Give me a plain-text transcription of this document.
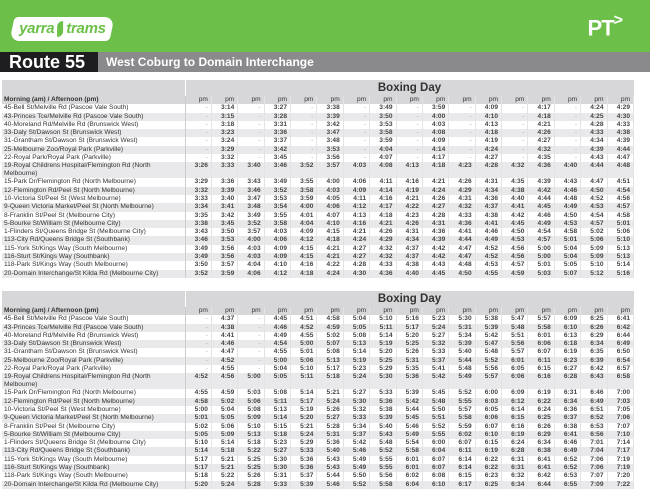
yarra trams	PT>
Route 55	West Coburg to Domain Interchange
	Boxing Day																
Morning (am) / Afternoon (pm)	pm	pm	pm	pm	pm	pm	pm	pm	pm	pm	pm	pm	pm	pm	pm	pm	pm
45-Bell St/Melville Rd (Pascoe Vale South)	-	3:14	-	3:27	-	3:38	-	3:49	-	3:59	-	4:09	-	4:17	-	4:24	4:29
43-Princes Tce/Melville Rd (Pascoe Vale South)	-	3:15	-	3:28	-	3:39	-	3:50	-	4:00	-	4:10	-	4:18	-	4:25	4:30
40-Moreland Rd/Melville Rd (Brunswick West)	-	3:18	-	3:31	-	3:42	-	3:53	-	4:03	-	4:13	-	4:21	-	4:28	4:33
33-Daly St/Dawson St (Brunswick West)	-	3:23	-	3:36	-	3:47	-	3:58	-	4:08	-	4:18	-	4:26	-	4:33	4:38
31-Grantham St/Dawson St (Brunswick West)	-	3:24	-	3:37	-	3:48	-	3:59	-	4:09	-	4:19	-	4:27	-	4:34	4:39
25-Melbourne Zoo/Royal Park (Parkville)	-	3:29	-	3:42	-	3:53	-	4:04	-	4:14	-	4:24	-	4:32	-	4:39	4:44
22-Royal Park/Royal Park (Parkville)	-	3:32	-	3:45	-	3:56	-	4:07	-	4:17	-	4:27	-	4:35	-	4:43	4:47
19-Royal Childrens Hospital/Flemington Rd (North Melbourne)	3:26	3:33	3:40	3:46	3:52	3:57	4:03	4:08	4:13	4:18	4:23	4:28	4:32	4:36	4:40	4:44	4:48
15-Park Dr/Flemington Rd (North Melbourne)	3:29	3:36	3:43	3:49	3:55	4:00	4:06	4:11	4:16	4:21	4:26	4:31	4:35	4:39	4:43	4:47	4:51
12-Flemington Rd/Peel St (North Melbourne)	3:32	3:39	3:46	3:52	3:58	4:03	4:09	4:14	4:19	4:24	4:29	4:34	4:38	4:42	4:46	4:50	4:54
10-Victoria St/Peel St (West Melbourne)	3:33	3:40	3:47	3:53	3:59	4:05	4:11	4:16	4:21	4:26	4:31	4:36	4:40	4:44	4:48	4:52	4:56
9-Queen Victoria Market/Peel St (North Melbourne)	3:34	3:41	3:48	3:54	4:00	4:06	4:12	4:17	4:22	4:27	4:32	4:37	4:41	4:45	4:49	4:53	4:57
8-Franklin St/Peel St (Melbourne City)	3:35	3:42	3:49	3:55	4:01	4:07	4:13	4:18	4:23	4:28	4:33	4:38	4:42	4:46	4:50	4:54	4:58
5-Bourke St/William St (Melbourne City)	3:38	3:45	3:52	3:58	4:04	4:10	4:16	4:21	4:26	4:31	4:36	4:41	4:45	4:49	4:53	4:57	5:01
1-Flinders St/Queens Bridge St (Melbourne City)	3:43	3:50	3:57	4:03	4:09	4:15	4:21	4:26	4:31	4:36	4:41	4:46	4:50	4:54	4:58	5:02	5:06
113-City Rd/Queens Bridge St (Southbank)	3:46	3:53	4:00	4:06	4:12	4:18	4:24	4:29	4:34	4:39	4:44	4:49	4:53	4:57	5:01	5:06	5:10
115-York St/Kings Way (South Melbourne)	3:49	3:56	4:03	4:09	4:15	4:21	4:27	4:32	4:37	4:42	4:47	4:52	4:56	5:00	5:04	5:09	5:13
116-Sturt St/Kings Way (Southbank)	3:49	3:56	4:03	4:09	4:15	4:21	4:27	4:32	4:37	4:42	4:47	4:52	4:56	5:00	5:04	5:09	5:13
118-Park St/Kings Way (South Melbourne)	3:50	3:57	4:04	4:10	4:16	4:22	4:28	4:33	4:38	4:43	4:48	4:53	4:57	5:01	5:05	5:10	5:14
20-Domain Interchange/St Kilda Rd (Melbourne City)	3:52	3:59	4:06	4:12	4:18	4:24	4:30	4:36	4:40	4:45	4:50	4:55	4:59	5:03	5:07	5:12	5:16
	Boxing Day																
Morning (am) / Afternoon (pm)	pm	pm	pm	pm	pm	pm	pm	pm	pm	pm	pm	pm	pm	pm	pm	pm	pm
45-Bell St/Melville Rd (Pascoe Vale South)	-	4:37	-	4:45	4:51	4:58	5:04	5:10	5:16	5:23	5:30	5:38	5:47	5:57	6:09	6:25	6:41
43-Princes Tce/Melville Rd (Pascoe Vale South)	-	4:38	-	4:46	4:52	4:59	5:05	5:11	5:17	5:24	5:31	5:39	5:48	5:58	6:10	6:26	6:42
40-Moreland Rd/Melville Rd (Brunswick West)	-	4:41	-	4:49	4:55	5:02	5:08	5:14	5:20	5:27	5:34	5:42	5:51	6:01	6:13	6:29	6:44
33-Daly St/Dawson St (Brunswick West)	-	4:46	-	4:54	5:00	5:07	5:13	5:19	5:25	5:32	5:39	5:47	5:56	6:06	6:18	6:34	6:49
31-Grantham St/Dawson St (Brunswick West)	-	4:47	-	4:55	5:01	5:08	5:14	5:20	5:26	5:33	5:40	5:48	5:57	6:07	6:19	6:35	6:50
25-Melbourne Zoo/Royal Park (Parkville)	-	4:52	-	5:00	5:06	5:13	5:19	5:25	5:31	5:37	5:44	5:52	6:01	6:11	6:23	6:39	6:54
22-Royal Park/Royal Park (Parkville)	-	4:55	-	5:04	5:10	5:17	5:23	5:29	5:35	5:41	5:48	5:56	6:05	6:15	6:27	6:42	6:57
19-Royal Childrens Hospital/Flemington Rd (North Melbourne)	4:52	4:56	5:00	5:05	5:11	5:18	5:24	5:30	5:36	5:42	5:49	5:57	6:06	6:16	6:28	6:43	6:58
15-Park Dr/Flemington Rd (North Melbourne)	4:55	4:59	5:03	5:08	5:14	5:21	5:27	5:33	5:39	5:45	5:52	6:00	6:09	6:19	6:31	6:46	7:00
12-Flemington Rd/Peel St (North Melbourne)	4:58	5:02	5:06	5:11	5:17	5:24	5:30	5:36	5:42	5:48	5:55	6:03	6:12	6:22	6:34	6:49	7:03
10-Victoria St/Peel St (West Melbourne)	5:00	5:04	5:08	5:13	5:19	5:26	5:32	5:38	5:44	5:50	5:57	6:05	6:14	6:24	6:36	6:51	7:05
9-Queen Victoria Market/Peel St (North Melbourne)	5:01	5:05	5:09	5:14	5:20	5:27	5:33	5:39	5:45	5:51	5:58	6:06	6:15	6:25	6:37	6:52	7:06
8-Franklin St/Peel St (Melbourne City)	5:02	5:06	5:10	5:15	5:21	5:28	5:34	5:40	5:46	5:52	5:59	6:07	6:16	6:26	6:38	6:53	7:07
5-Bourke St/William St (Melbourne City)	5:05	5:09	5:13	5:18	5:24	5:31	5:37	5:43	5:49	5:55	6:02	6:10	6:19	6:29	6:41	6:56	7:10
1-Flinders St/Queens Bridge St (Melbourne City)	5:10	5:14	5:18	5:23	5:29	5:36	5:42	5:48	5:54	6:00	6:07	6:15	6:24	6:34	6:46	7:01	7:14
113-City Rd/Queens Bridge St (Southbank)	5:14	5:18	5:22	5:27	5:33	5:40	5:46	5:52	5:58	6:04	6:11	6:19	6:28	6:38	6:49	7:04	7:17
115-York St/Kings Way (South Melbourne)	5:17	5:21	5:25	5:30	5:36	5:43	5:49	5:55	6:01	6:07	6:14	6:22	6:31	6:41	6:52	7:06	7:19
116-Sturt St/Kings Way (Southbank)	5:17	5:21	5:25	5:30	5:36	5:43	5:49	5:55	6:01	6:07	6:14	6:22	6:31	6:41	6:52	7:06	7:19
118-Park St/Kings Way (South Melbourne)	5:18	5:22	5:26	5:31	5:37	5:44	5:50	5:56	6:02	6:08	6:15	6:23	6:32	6:42	6:53	7:07	7:20
20-Domain Interchange/St Kilda Rd (Melbourne City)	5:20	5:24	5:28	5:33	5:39	5:46	5:52	5:58	6:04	6:10	6:17	6:25	6:34	6:44	6:55	7:09	7:22
